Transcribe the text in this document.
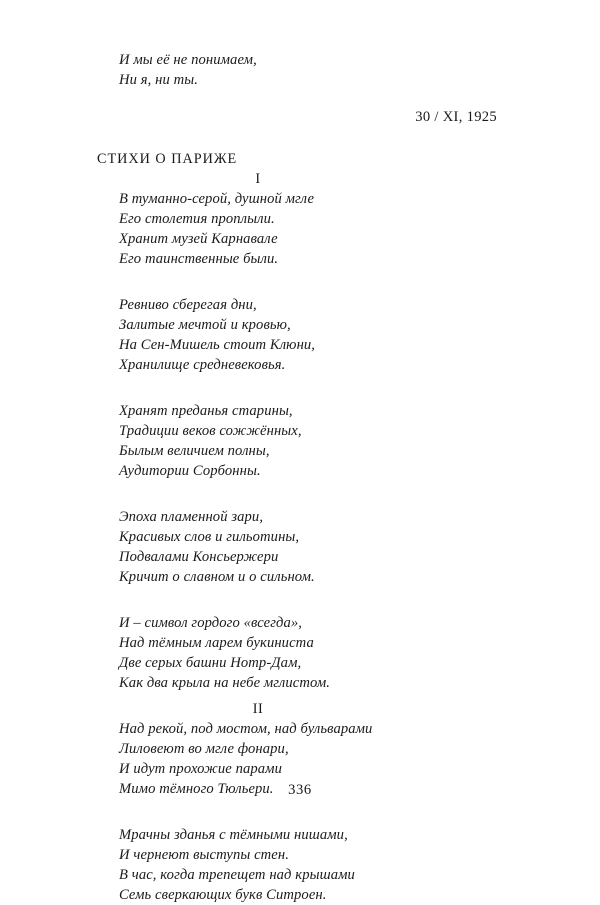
И мы её не понимаем,
Ни я, ни ты.
30 / XI, 1925
СТИХИ О ПАРИЖЕ
I
В туманно-серой, душной мгле
Его столетия проплыли.
Хранит музей Карнавале
Его таинственные были.
Ревниво сберегая дни,
Залитые мечтой и кровью,
На Сен-Мишель стоит Клюни,
Хранилище средневековья.
Хранят преданья старины,
Традиции веков сожжённых,
Былым величием полны,
Аудитории Сорбонны.
Эпоха пламенной зари,
Красивых слов и гильотины,
Подвалами Консьержери
Кричит о славном и о сильном.
И – символ гордого «всегда»,
Над тёмным ларем букиниста
Две серых башни Нотр-Дам,
Как два крыла на небе мглистом.
II
Над рекой, под мостом, над бульварами
Лиловеют во мгле фонари,
И идут прохожие парами
Мимо тёмного Тюльери.
Мрачны зданья с тёмными нишами,
И чернеют выступы стен.
В час, когда трепещет над крышами
Семь сверкающих букв Ситроен.
336
